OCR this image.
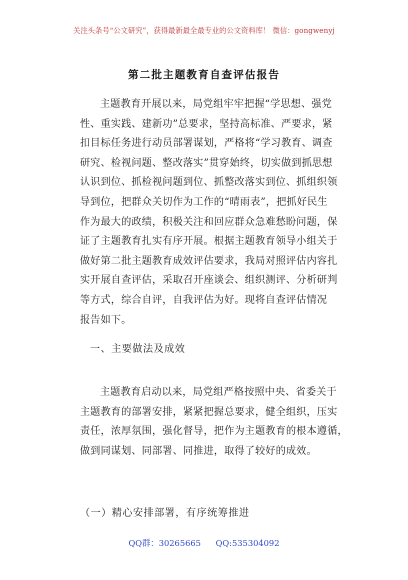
关注头条号“公文研究”，获得最新最全最专业的公文资料库！ 微信：gongwenyj
第二批主题教育自查评估报告
主题教育开展以来，局党组牢牢把握“学思想、强党
性、重实践、建新功”总要求，坚持高标准、严要求，紧
扣目标任务进行动员部署谋划，严格将“学习教育、调查
研究、检视问题、整改落实”贯穿始终，切实做到抓思想
认识到位、抓检视问题到位、抓整改落实到位、抓组织领
导到位，把群众关切作为工作的“晴雨表”，把抓好民生
作为最大的政绩，积极关注和回应群众急难愁盼问题，保
证了主题教育扎实有序开展。根据主题教育领导小组关于
做好第二批主题教育成效评估要求，我局对照评估内容扎
实开展自查评估，采取召开座谈会、组织测评、分析研判
等方式，综合自评，自我评估为好。现将自查评估情况
报告如下。
一、主要做法及成效
主题教育启动以来，局党组严格按照中央、省委关于
主题教育的部署安排，紧紧把握总要求，健全组织，压实
责任，浓厚氛围，强化督导，把作为主题教育的根本遵循，
做到同谋划、同部署、同推进，取得了较好的成效。
（一）精心安排部署，有序统筹推进
QQ群：30265665 QQ:535304092
